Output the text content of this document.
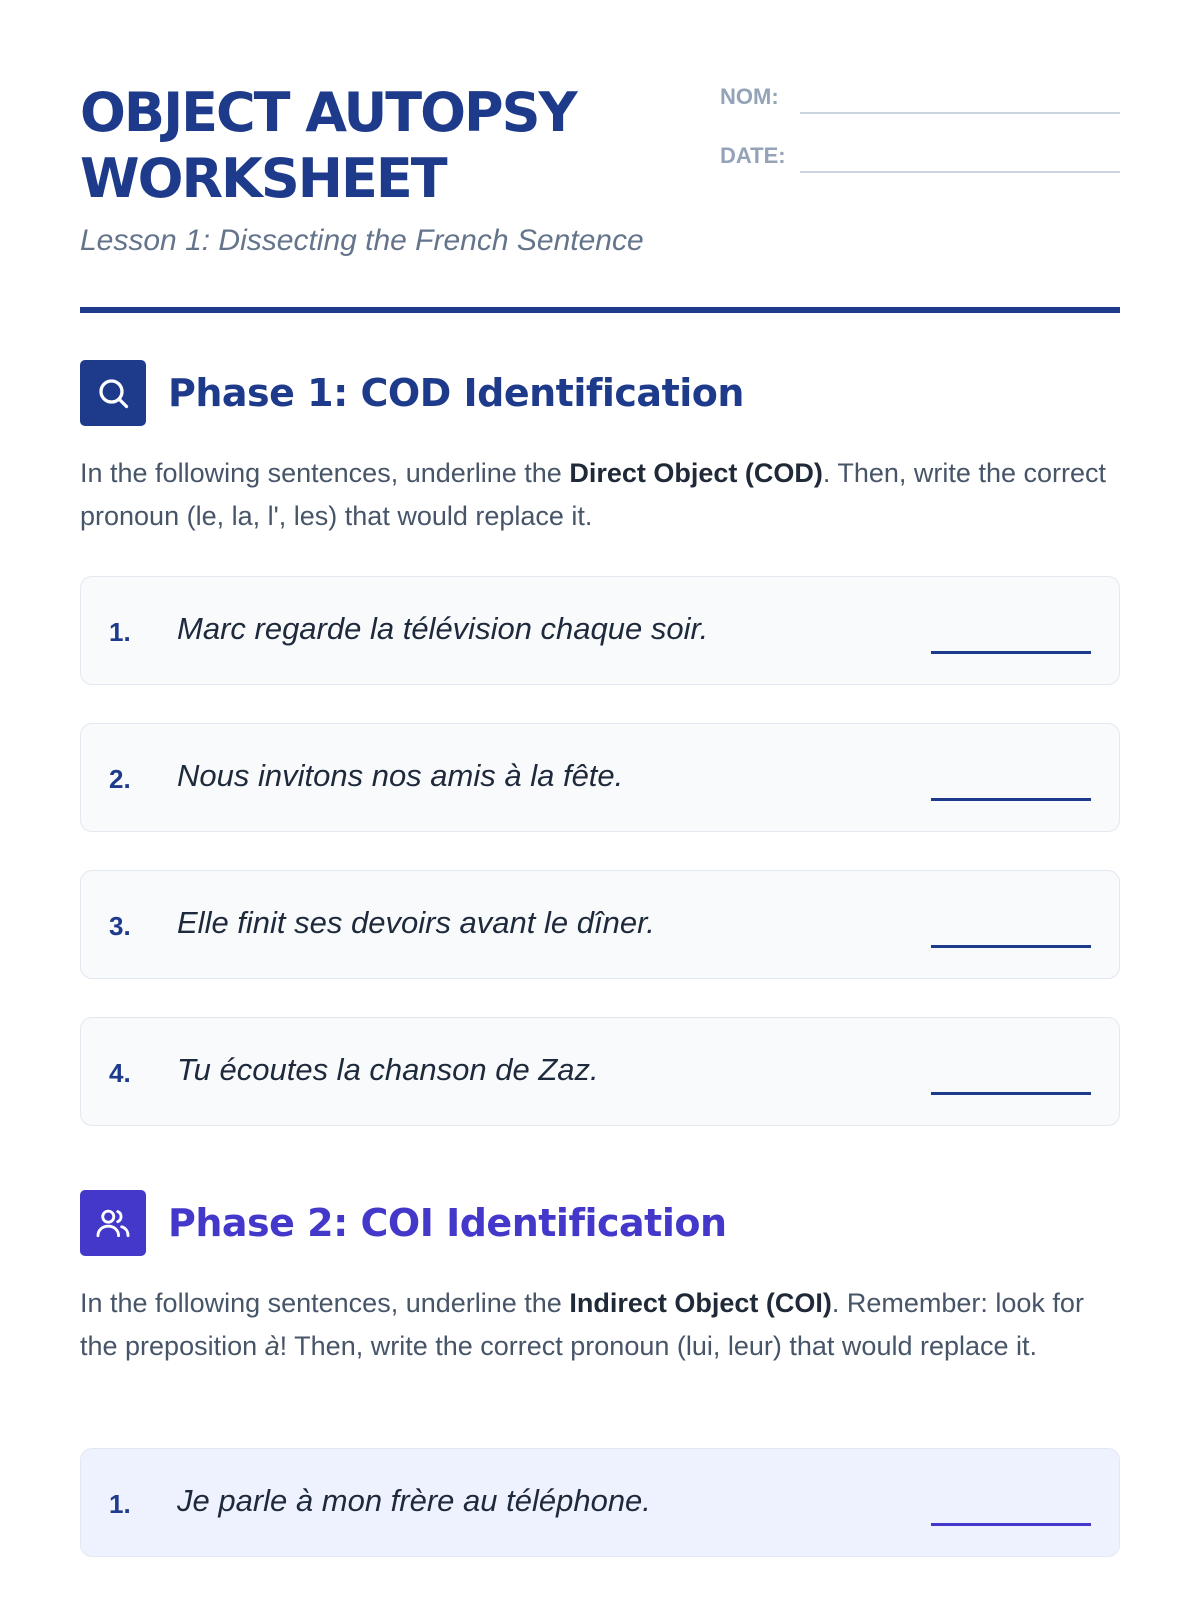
OBJECT AUTOPSY
WORKSHEET
Lesson 1: Dissecting the French Sentence
NOM:
DATE:
Phase 1: COD Identification

In the following sentences, underline the Direct Object (COD). Then, write the correct pronoun (le, la, l', les) that would replace it.

1. Marc regarde la télévision chaque soir.
2. Nous invitons nos amis à la fête.
3. Elle finit ses devoirs avant le dîner.
4. Tu écoutes la chanson de Zaz.
Phase 2: COI Identification

In the following sentences, underline the Indirect Object (COI). Remember: look for the preposition à! Then, write the correct pronoun (lui, leur) that would replace it.

1. Je parle à mon frère au téléphone.
